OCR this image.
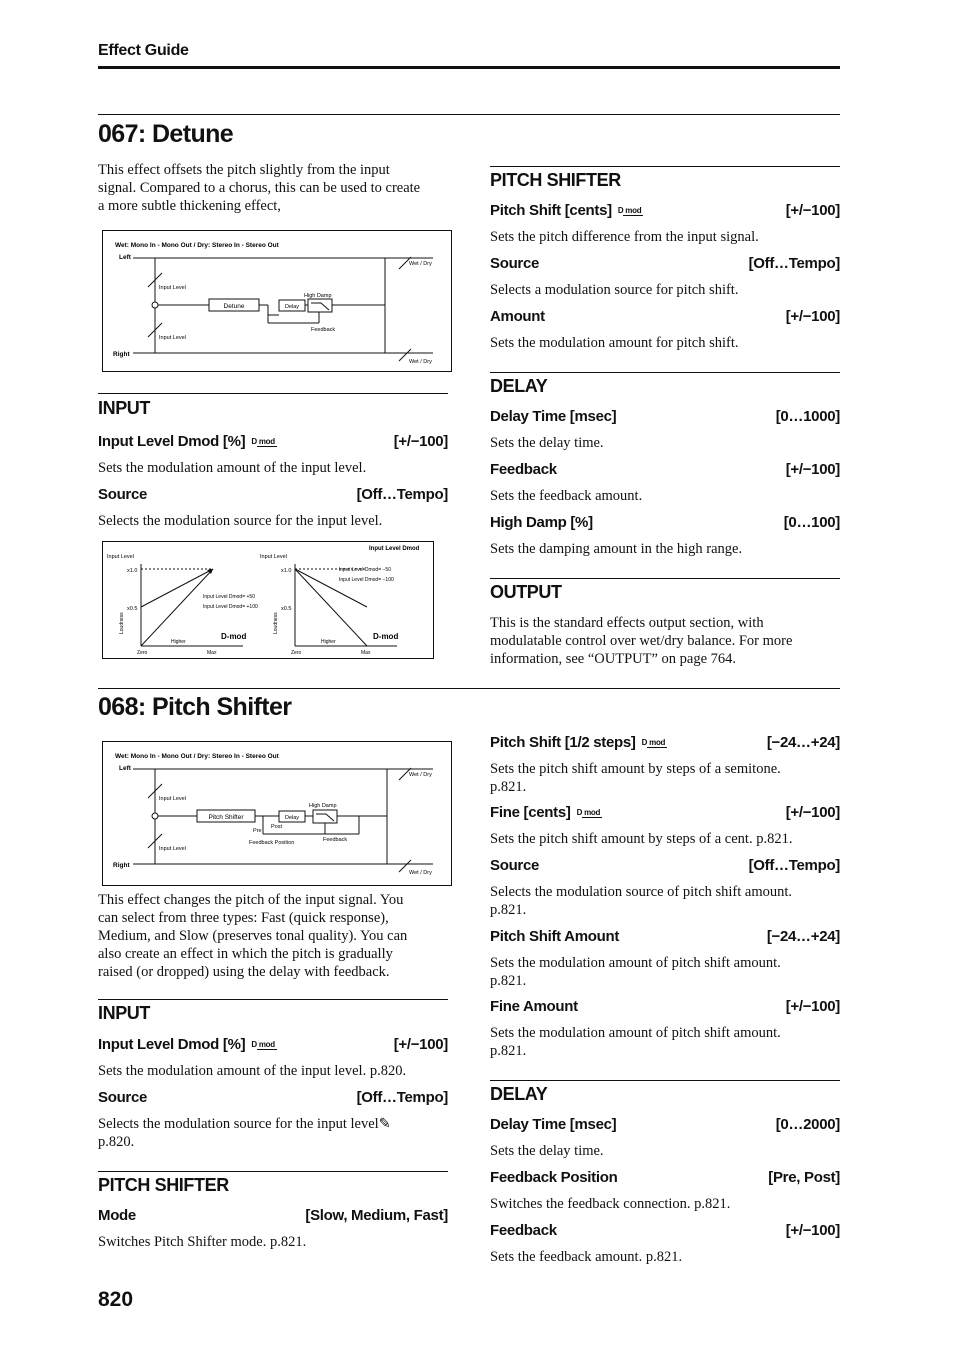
Effect Guide
067: Detune
This effect offsets the pitch slightly from the input
signal. Compared to a chorus, this can be used to create
a more subtle thickening effect,
Wet: Mono In - Mono Out / Dry: Stereo In - Stereo Out
Left
Right
Input Level
Input Level
Detune	Delay
High Damp
Feedback
Wet / Dry
Wet / Dry
INPUT
Input Level Dmod [%] D mod	[+/−100]
Sets the modulation amount of the input level.
Source	[Off…Tempo]
Selects the modulation source for the input level.
Input Level Dmod
Input Level
x1.0
x0.5
Loudness
Input Level Dmod= +50
Input Level Dmod= +100
Zero	Max
Higher
D-mod
Input Level
x1.0
x0.5
Loudness
Input Level Dmod= −50
Input Level Dmod= −100
Zero	Max
Higher
D-mod
PITCH SHIFTER
Pitch Shift [cents] D mod	[+/−100]
Sets the pitch difference from the input signal.
Source	[Off…Tempo]
Selects a modulation source for pitch shift.
Amount	[+/−100]
Sets the modulation amount for pitch shift.
DELAY
Delay Time [msec]	[0…1000]
Sets the delay time.
Feedback	[+/−100]
Sets the feedback amount.
High Damp [%]	[0…100]
Sets the damping amount in the high range.
OUTPUT
This is the standard effects output section, with
modulatable control over wet/dry balance. For more
information, see “OUTPUT” on page 764.
068: Pitch Shifter
Wet: Mono In - Mono Out / Dry: Stereo In - Stereo Out
Left
Right
Input Level
Input Level
Pitch Shifter	Delay
High Damp
Pre
Post
Feedback Position	Feedback
Wet / Dry
Wet / Dry
This effect changes the pitch of the input signal. You
can select from three types: Fast (quick response),
Medium, and Slow (preserves tonal quality). You can
also create an effect in which the pitch is gradually
raised (or dropped) using the delay with feedback.
INPUT
Input Level Dmod [%] D mod	[+/−100]
Sets the modulation amount of the input level. p.820.
Source	[Off…Tempo]
Selects the modulation source for the input level✎
p.820.
PITCH SHIFTER
Mode	[Slow, Medium, Fast]
Switches Pitch Shifter mode. p.821.
Pitch Shift [1/2 steps] D mod	[−24…+24]
Sets the pitch shift amount by steps of a semitone.
p.821.
Fine [cents] D mod	[+/−100]
Sets the pitch shift amount by steps of a cent. p.821.
Source	[Off…Tempo]
Selects the modulation source of pitch shift amount.
p.821.
Pitch Shift Amount	[−24…+24]
Sets the modulation amount of pitch shift amount.
p.821.
Fine Amount	[+/−100]
Sets the modulation amount of pitch shift amount.
p.821.
DELAY
Delay Time [msec]	[0…2000]
Sets the delay time.
Feedback Position	[Pre, Post]
Switches the feedback connection. p.821.
Feedback	[+/−100]
Sets the feedback amount. p.821.
820
